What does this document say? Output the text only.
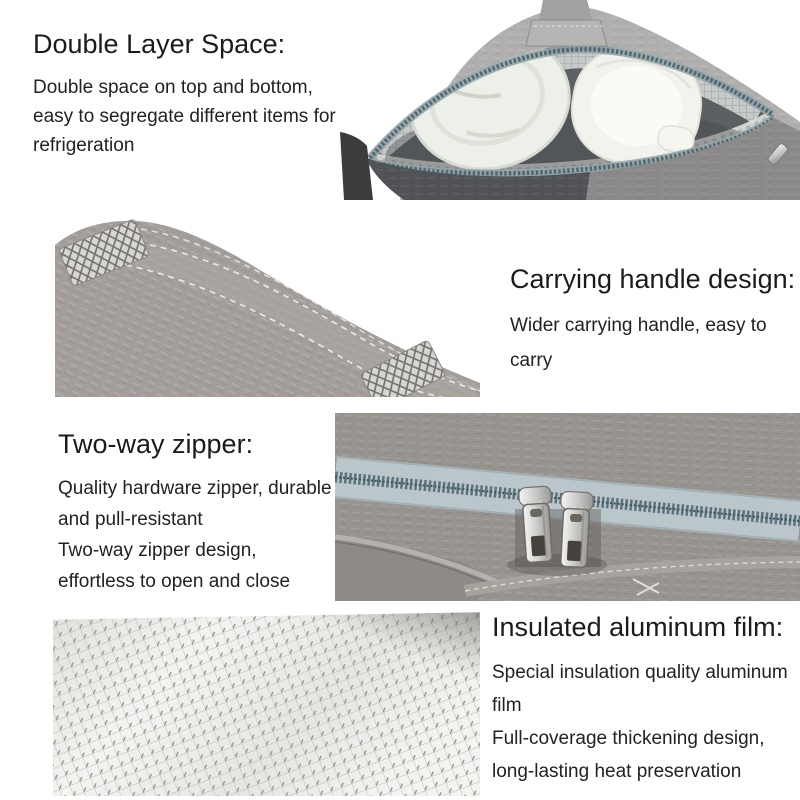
Double Layer Space:
Double space on top and bottom,
easy to segregate different items for
refrigeration
Carrying handle design:
Wider carrying handle, easy to
carry
Two-way zipper:
Quality hardware zipper, durable
and pull-resistant
Two-way zipper design,
effortless to open and close
Insulated aluminum film:
Special insulation quality aluminum
film
Full-coverage thickening design,
long-lasting heat preservation
